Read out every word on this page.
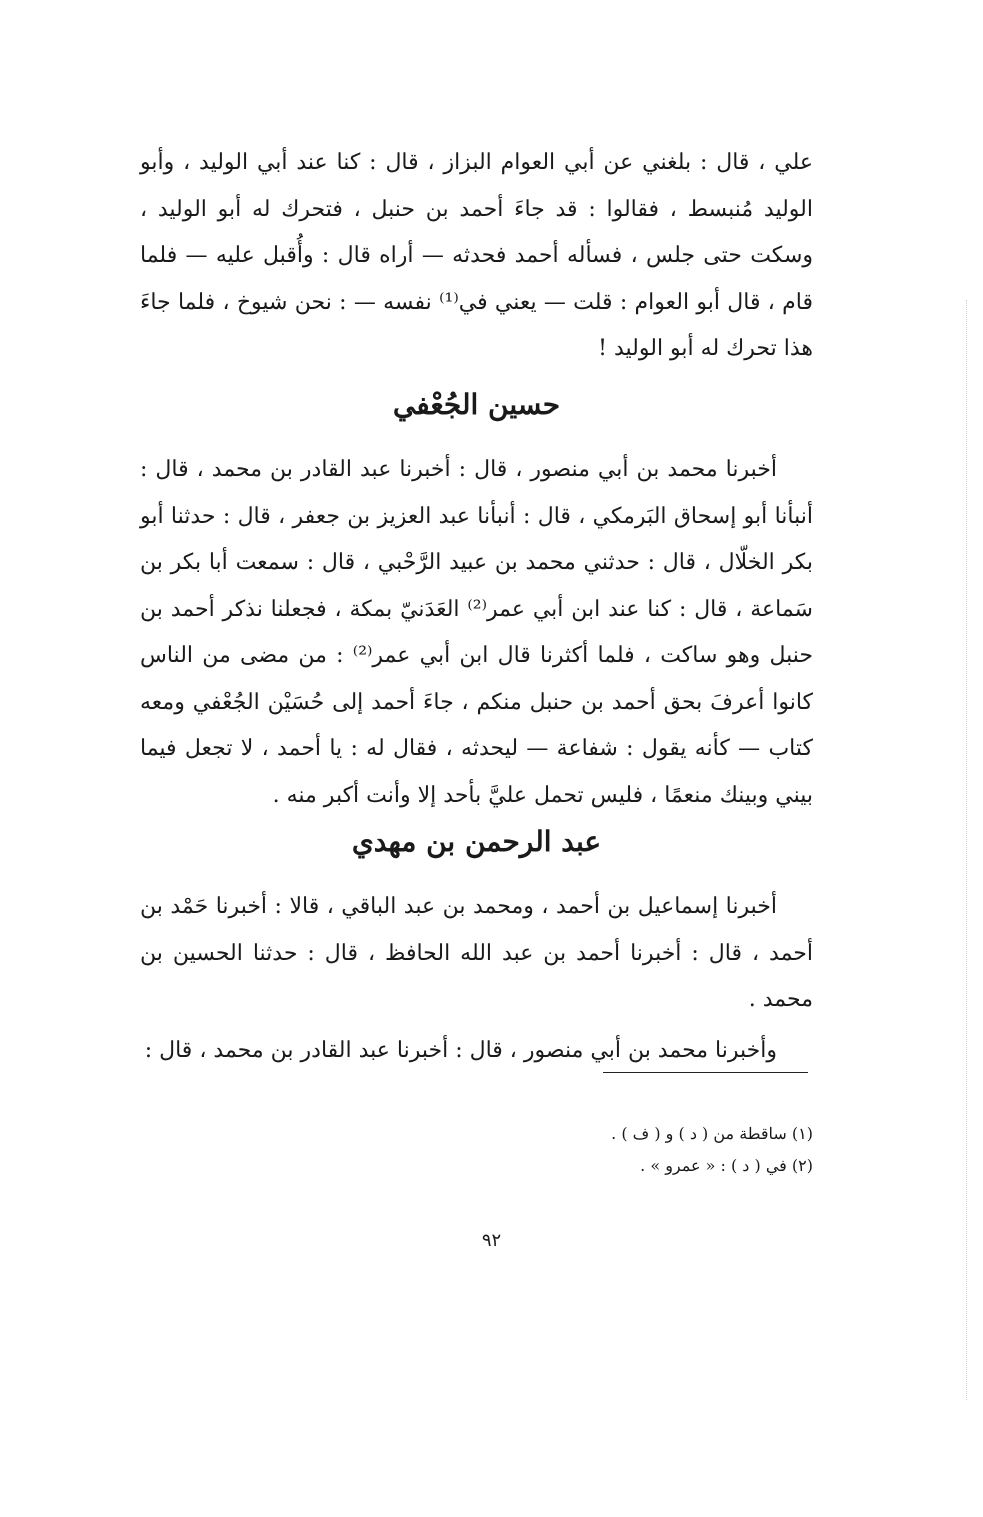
علي ، قال : بلغني عن أبي العوام البزاز ، قال : كنا عند أبي الوليد ، وأبو الوليد مُنبسط ، فقالوا : قد جاءَ أحمد بن حنبل ، فتحرك له أبو الوليد ، وسكت حتى جلس ، فسأله أحمد فحدثه — أراه قال : وأُقبل عليه — فلما قام ، قال أبو العوام : قلت — يعني في⁽¹⁾ نفسه — : نحن شيوخ ، فلما جاءَ هذا تحرك له أبو الوليد !

حسين الجُعْفي

أخبرنا محمد بن أبي منصور ، قال : أخبرنا عبد القادر بن محمد ، قال : أنبأنا أبو إسحاق البَرمكي ، قال : أنبأنا عبد العزيز بن جعفر ، قال : حدثنا أبو بكر الخلّال ، قال : حدثني محمد بن عبيد الرَّحْبي ، قال : سمعت أبا بكر بن سَماعة ، قال : كنا عند ابن أبي عمر⁽²⁾ العَدَنيّ بمكة ، فجعلنا نذكر أحمد بن حنبل وهو ساكت ، فلما أكثرنا قال ابن أبي عمر⁽²⁾ : من مضى من الناس كانوا أعرفَ بحق أحمد بن حنبل منكم ، جاءَ أحمد إلى حُسَيْن الجُعْفي ومعه كتاب — كأنه يقول : شفاعة — ليحدثه ، فقال له : يا أحمد ، لا تجعل فيما بيني وبينك منعمًا ، فليس تحمل عليَّ بأحد إلا وأنت أكبر منه .

عبد الرحمن بن مهدي

أخبرنا إسماعيل بن أحمد ، ومحمد بن عبد الباقي ، قالا : أخبرنا حَمْد بن أحمد ، قال : أخبرنا أحمد بن عبد الله الحافظ ، قال : حدثنا الحسين بن محمد .

وأخبرنا محمد بن أبي منصور ، قال : أخبرنا عبد القادر بن محمد ، قال :

(١) ساقطة من ( د ) و ( ف ) .

(٢) في ( د ) : « عمرو » .

٩٢
